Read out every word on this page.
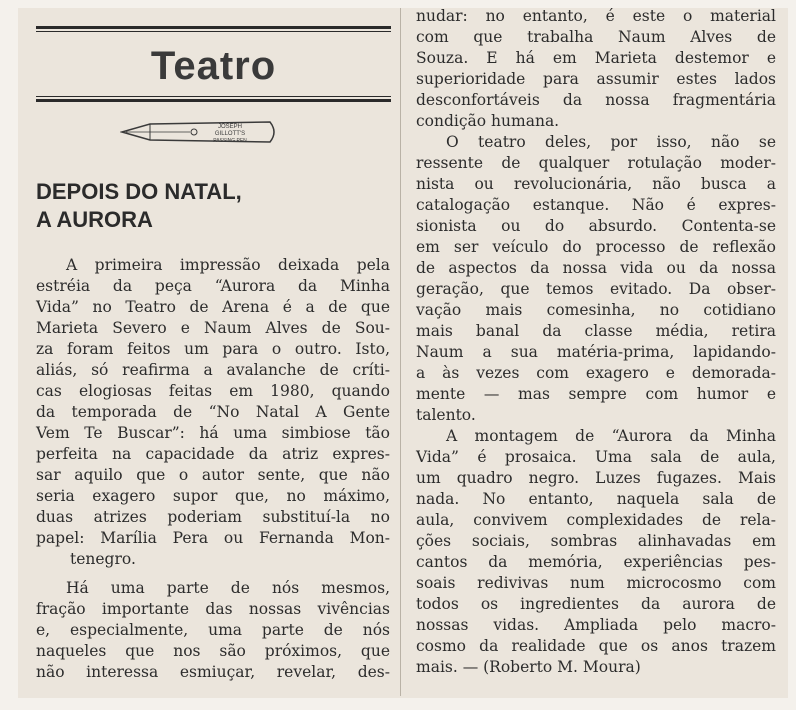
Teatro
JOSEPH
GILLOTT'S
PASSING PEN
DEPOIS DO NATAL,
A AURORA
A primeira impressão deixada pela
estréia da peça “Aurora da Minha
Vida” no Teatro de Arena é a de que
Marieta Severo e Naum Alves de Sou-
za foram feitos um para o outro. Isto,
aliás, só reafirma a avalanche de críti-
cas elogiosas feitas em 1980, quando
da temporada de “No Natal A Gente
Vem Te Buscar”: há uma simbiose tão
perfeita na capacidade da atriz expres-
sar aquilo que o autor sente, que não
seria exagero supor que, no máximo,
duas atrizes poderiam substituí-la no
papel: Marília Pera ou Fernanda Mon-
tenegro.
Há uma parte de nós mesmos,
fração importante das nossas vivências
e, especialmente, uma parte de nós
naqueles que nos são próximos, que
não interessa esmiuçar, revelar, des-
nudar: no entanto, é este o material
com que trabalha Naum Alves de
Souza. E há em Marieta destemor e
superioridade para assumir estes lados
desconfortáveis da nossa fragmentária
condição humana.
O teatro deles, por isso, não se
ressente de qualquer rotulação moder-
nista ou revolucionária, não busca a
catalogação estanque. Não é expres-
sionista ou do absurdo. Contenta-se
em ser veículo do processo de reflexão
de aspectos da nossa vida ou da nossa
geração, que temos evitado. Da obser-
vação mais comesinha, no cotidiano
mais banal da classe média, retira
Naum a sua matéria-prima, lapidando-
a às vezes com exagero e demorada-
mente — mas sempre com humor e
talento.
A montagem de “Aurora da Minha
Vida” é prosaica. Uma sala de aula,
um quadro negro. Luzes fugazes. Mais
nada. No entanto, naquela sala de
aula, convivem complexidades de rela-
ções sociais, sombras alinhavadas em
cantos da memória, experiências pes-
soais redivivas num microcosmo com
todos os ingredientes da aurora de
nossas vidas. Ampliada pelo macro-
cosmo da realidade que os anos trazem
mais. — (Roberto M. Moura)
